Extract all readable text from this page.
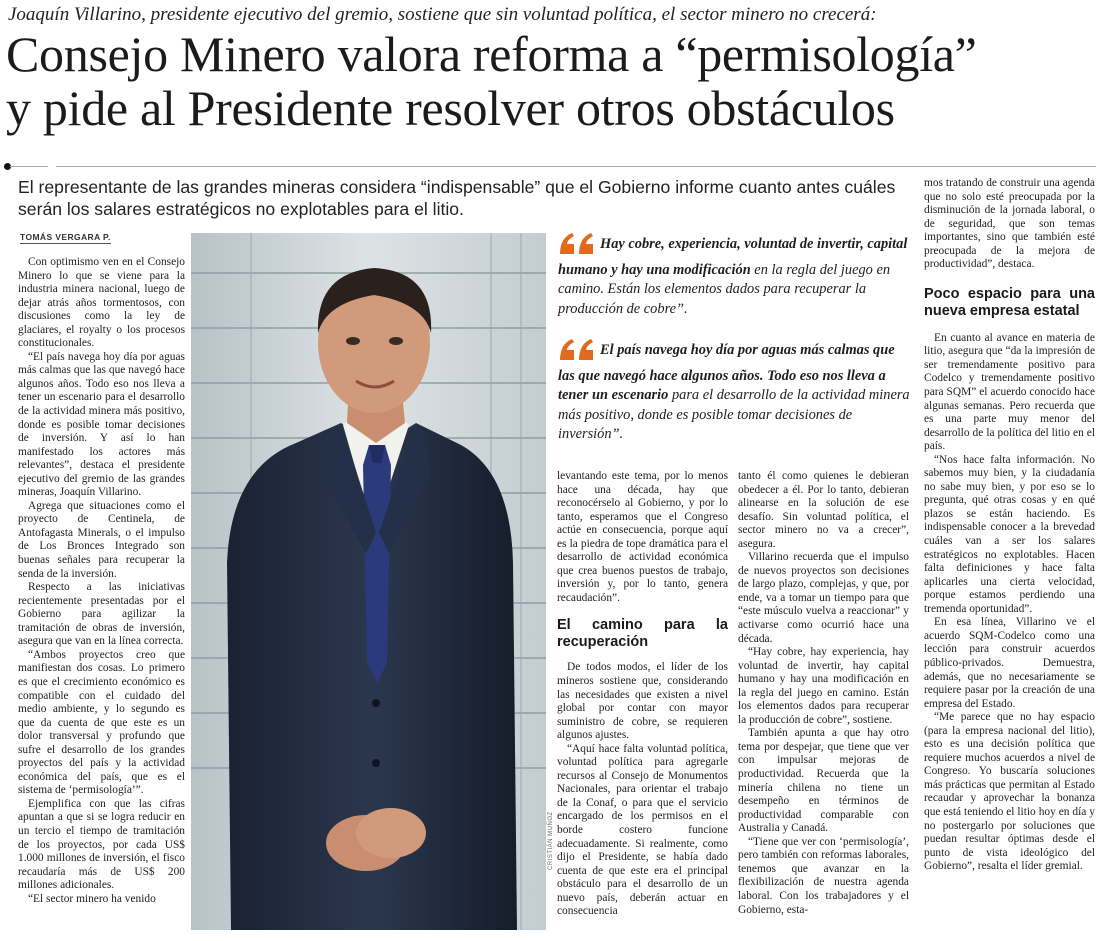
Joaquín Villarino, presidente ejecutivo del gremio, sostiene que sin voluntad política, el sector minero no crecerá:
Consejo Minero valora reforma a “permisología”
y pide al Presidente resolver otros obstáculos
El representante de las grandes mineras considera “indispensable” que el Gobierno informe cuanto antes cuáles serán los salares estratégicos no explotables para el litio.
TOMÁS VERGARA P.

Con optimismo ven en el Consejo Minero lo que se viene para la industria minera nacional, luego de dejar atrás años tormentosos, con discusiones como la ley de glaciares, el royalty o los procesos constitucionales.

“El país navega hoy día por aguas más calmas que las que navegó hace algunos años. Todo eso nos lleva a tener un escenario para el desarrollo de la actividad minera más positivo, donde es posible tomar decisiones de inversión. Y así lo han manifestado los actores más relevantes”, destaca el presidente ejecutivo del gremio de las grandes mineras, Joaquín Villarino.

Agrega que situaciones como el proyecto de Centinela, de Antofagasta Minerals, o el impulso de Los Bronces Integrado son buenas señales para recuperar la senda de la inversión.

Respecto a las iniciativas recientemente presentadas por el Gobierno para agilizar la tramitación de obras de inversión, asegura que van en la línea correcta.

“Ambos proyectos creo que manifiestan dos cosas. Lo primero es que el crecimiento económico es compatible con el cuidado del medio ambiente, y lo segundo es que da cuenta de que este es un dolor transversal y profundo que sufre el desarrollo de los grandes proyectos del país y la actividad económica del país, que es el sistema de ‘permisología’”.

Ejemplifica con que las cifras apuntan a que si se logra reducir en un tercio el tiempo de tramitación de los proyectos, por cada US$ 1.000 millones de inversión, el fisco recaudaría más de US$ 200 millones adicionales.

“El sector minero ha venido

CRISTIÁN MUÑOZ
Hay cobre, experiencia, voluntad de invertir, capital humano y hay una modificación en la regla del juego en camino. Están los elementos dados para recuperar la producción de cobre”.
El país navega hoy día por aguas más calmas que las que navegó hace algunos años. Todo eso nos lleva a tener un escenario para el desarrollo de la actividad minera más positivo, donde es posible tomar decisiones de inversión”.

levantando este tema, por lo menos hace una década, hay que reconocérselo al Gobierno, y por lo tanto, esperamos que el Congreso actúe en consecuencia, porque aquí es la piedra de tope dramática para el desarrollo de actividad económica que crea buenos puestos de trabajo, inversión y, por lo tanto, genera recaudación”.

El camino para la recuperación

De todos modos, el líder de los mineros sostiene que, considerando las necesidades que existen a nivel global por contar con mayor suministro de cobre, se requieren algunos ajustes.

“Aquí hace falta voluntad política, voluntad política para agregarle recursos al Consejo de Monumentos Nacionales, para orientar el trabajo de la Conaf, o para que el servicio encargado de los permisos en el borde costero funcione adecuadamente. Si realmente, como dijo el Presidente, se había dado cuenta de que este era el principal obstáculo para el desarrollo de un nuevo país, deberán actuar en consecuencia

tanto él como quienes le debieran obedecer a él. Por lo tanto, debieran alinearse en la solución de ese desafío. Sin voluntad política, el sector minero no va a crecer”, asegura.

Villarino recuerda que el impulso de nuevos proyectos son decisiones de largo plazo, complejas, y que, por ende, va a tomar un tiempo para que “este músculo vuelva a reaccionar” y activarse como ocurrió hace una década.

“Hay cobre, hay experiencia, hay voluntad de invertir, hay capital humano y hay una modificación en la regla del juego en camino. Están los elementos dados para recuperar la producción de cobre”, sostiene.

También apunta a que hay otro tema por despejar, que tiene que ver con impulsar mejoras de productividad. Recuerda que la minería chilena no tiene un desempeño en términos de productividad comparable con Australia y Canadá.

“Tiene que ver con ‘permisología’, pero también con reformas laborales, tenemos que avanzar en la flexibilización de nuestra agenda laboral. Con los trabajadores y el Gobierno, esta-

mos tratando de construir una agenda que no solo esté preocupada por la disminución de la jornada laboral, o de seguridad, que son temas importantes, sino que también esté preocupada de la mejora de productividad”, destaca.

Poco espacio para una nueva empresa estatal

En cuanto al avance en materia de litio, asegura que “da la impresión de ser tremendamente positivo para Codelco y tremendamente positivo para SQM” el acuerdo conocido hace algunas semanas. Pero recuerda que es una parte muy menor del desarrollo de la política del litio en el país.

“Nos hace falta información. No sabemos muy bien, y la ciudadanía no sabe muy bien, y por eso se lo pregunta, qué otras cosas y en qué plazos se están haciendo. Es indispensable conocer a la brevedad cuáles van a ser los salares estratégicos no explotables. Hacen falta definiciones y hace falta aplicarles una cierta velocidad, porque estamos perdiendo una tremenda oportunidad”.

En esa línea, Villarino ve el acuerdo SQM-Codelco como una lección para construir acuerdos público-privados. Demuestra, además, que no necesariamente se requiere pasar por la creación de una empresa del Estado.

“Me parece que no hay espacio (para la empresa nacional del litio), esto es una decisión política que requiere muchos acuerdos a nivel de Congreso. Yo buscaría soluciones más prácticas que permitan al Estado recaudar y aprovechar la bonanza que está teniendo el litio hoy en día y no postergarlo por soluciones que puedan resultar óptimas desde el punto de vista ideológico del Gobierno”, resalta el líder gremial.
